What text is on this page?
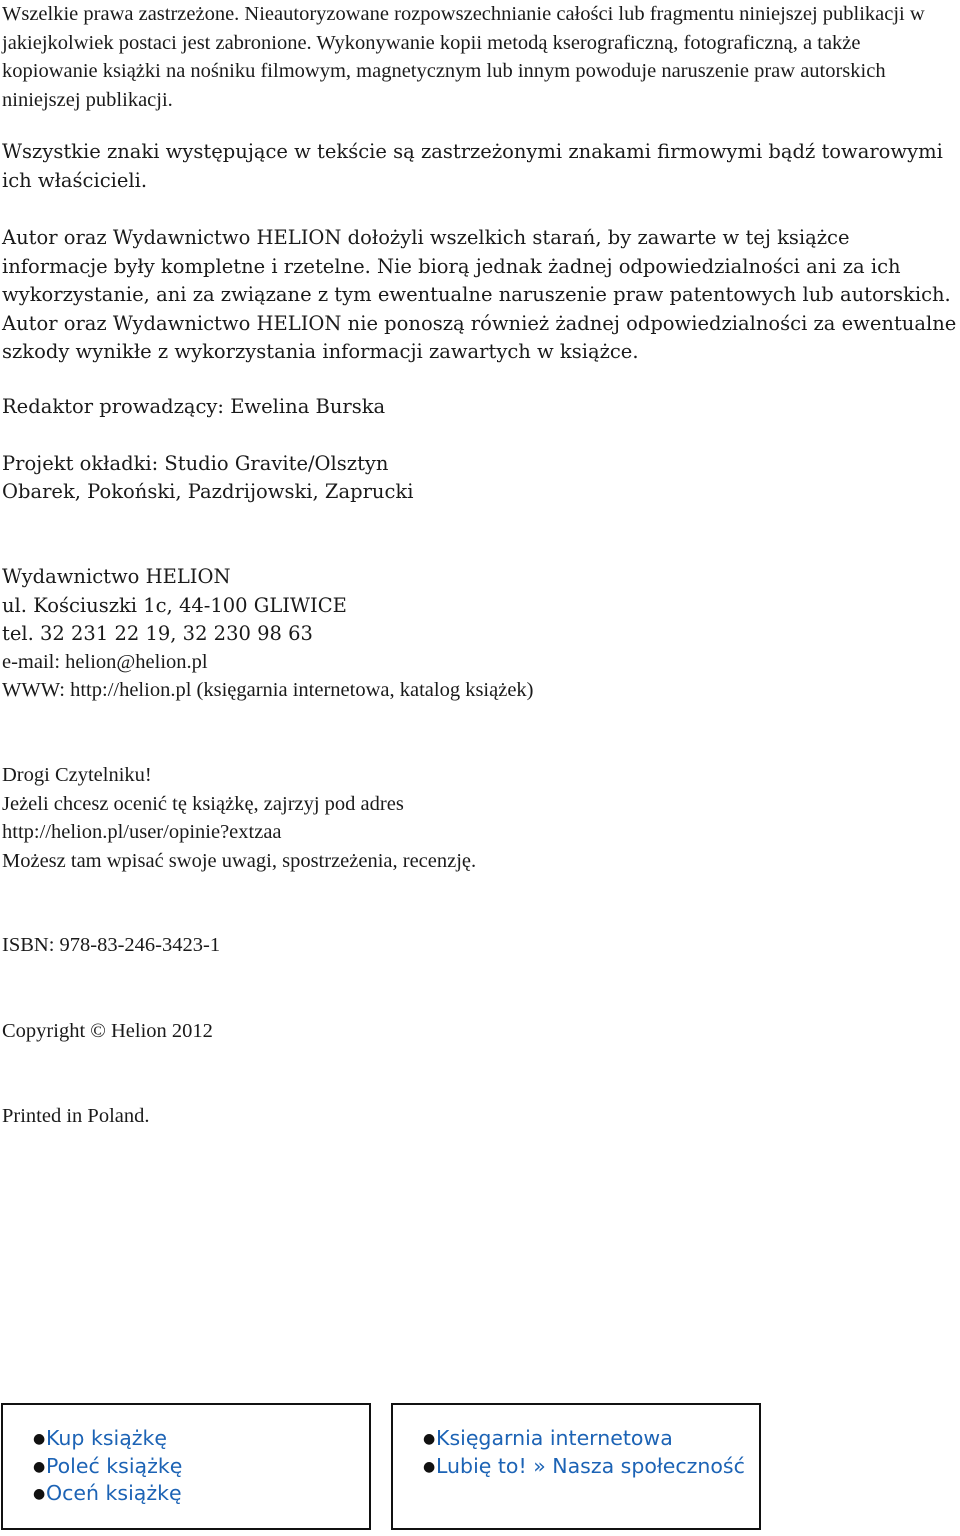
Wszelkie prawa zastrzeżone. Nieautoryzowane rozpowszechnianie całości lub fragmentu niniejszej publikacji w jakiejkolwiek postaci jest zabronione. Wykonywanie kopii metodą kserograficzną, fotograficzną, a także kopiowanie książki na nośniku filmowym, magnetycznym lub innym powoduje naruszenie praw autorskich niniejszej publikacji.

Wszystkie znaki występujące w tekście są zastrzeżonymi znakami firmowymi bądź towarowymi ich właścicieli.

Autor oraz Wydawnictwo HELION dołożyli wszelkich starań, by zawarte w tej książce informacje były kompletne i rzetelne. Nie biorą jednak żadnej odpowiedzialności ani za ich wykorzystanie, ani za związane z tym ewentualne naruszenie praw patentowych lub autorskich. Autor oraz Wydawnictwo HELION nie ponoszą również żadnej odpowiedzialności za ewentualne szkody wynikłe z wykorzystania informacji zawartych w książce.

Redaktor prowadzący: Ewelina Burska

Projekt okładki: Studio Gravite/Olsztyn

Obarek, Pokoński, Pazdrijowski, Zaprucki

Wydawnictwo HELION

ul. Kościuszki 1c, 44-100 GLIWICE

tel. 32 231 22 19, 32 230 98 63

e-mail: helion@helion.pl

WWW: http://helion.pl (księgarnia internetowa, katalog książek)

Drogi Czytelniku!

Jeżeli chcesz ocenić tę książkę, zajrzyj pod adres

http://helion.pl/user/opinie?extzaa

Możesz tam wpisać swoje uwagi, spostrzeżenia, recenzję.

ISBN: 978-83-246-3423-1

Copyright © Helion 2012

Printed in Poland.

●Kup książkę
●Poleć książkę
●Oceń książkę
●Księgarnia internetowa
●Lubię to! » Nasza społeczność
